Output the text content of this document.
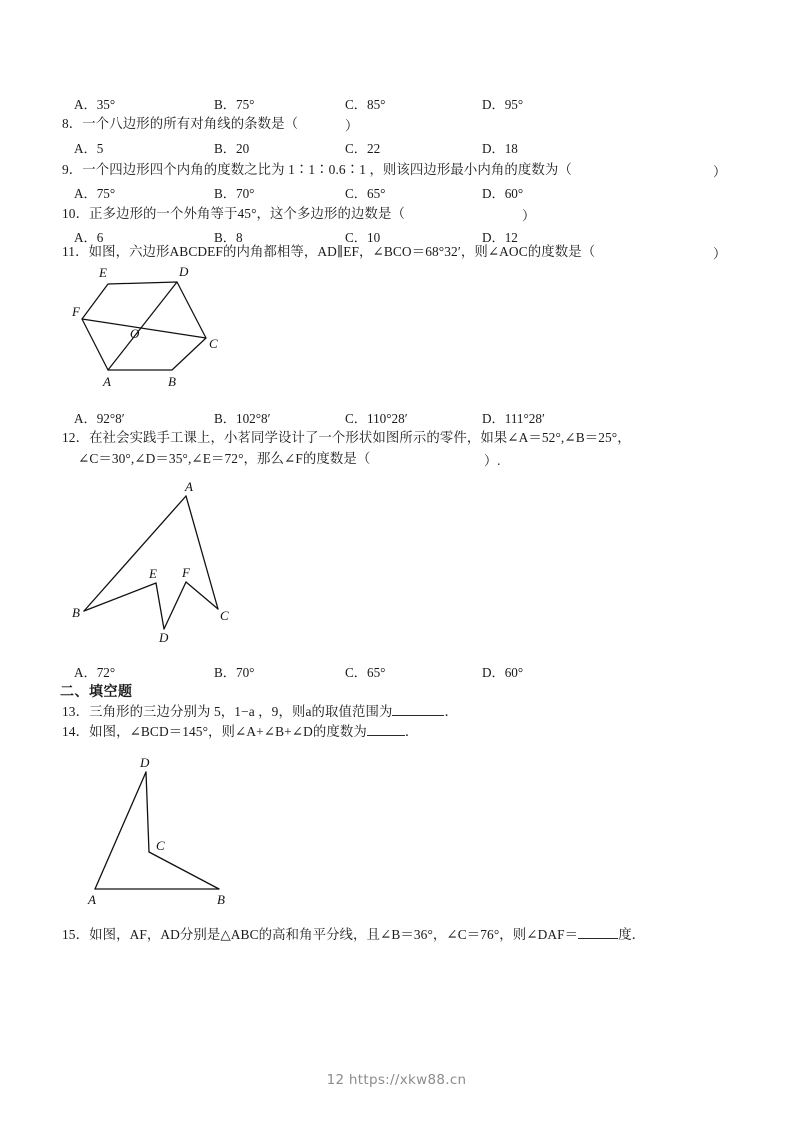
A．35°	B．75°	C．85°	D．95°
8．一个八边形的所有对角线的条数是（	）
A．5	B．20	C．22	D．18
9．一个四边形四个内角的度数之比为 1∶1∶0.6∶1 ，则该四边形最小内角的度数为（	）
A．75°	B．70°	C．65°	D．60°
10．正多边形的一个外角等于45°，这个多边形的边数是（	）
A．6	B．8	C．10	D．12
11．如图，六边形ABCDEF的内角都相等，AD∥EF，∠BCO＝68°32′，则∠AOC的度数是（	）
E	D
F
O
C
A	B
A．92°8′	B．102°8′	C．110°28′	D．111°28′
12．在社会实践手工课上，小茗同学设计了一个形状如图所示的零件，如果∠A＝52°,∠B＝25°，
∠C＝30°,∠D＝35°,∠E＝72°，那么∠F的度数是（	）.
A
E F
B	C
D
A．72°	B．70°	C．65°	D．60°
二、填空题
13．三角形的三边分别为 5，1−a ，9，则a的取值范围为	．
14．如图，∠BCD＝145°，则∠A+∠B+∠D的度数为	．
D
C
A	B
15．如图，AF，AD分别是△ABC的高和角平分线，且∠B＝36°，∠C＝76°，则∠DAF＝	度．
12 https://xkw88.cn
